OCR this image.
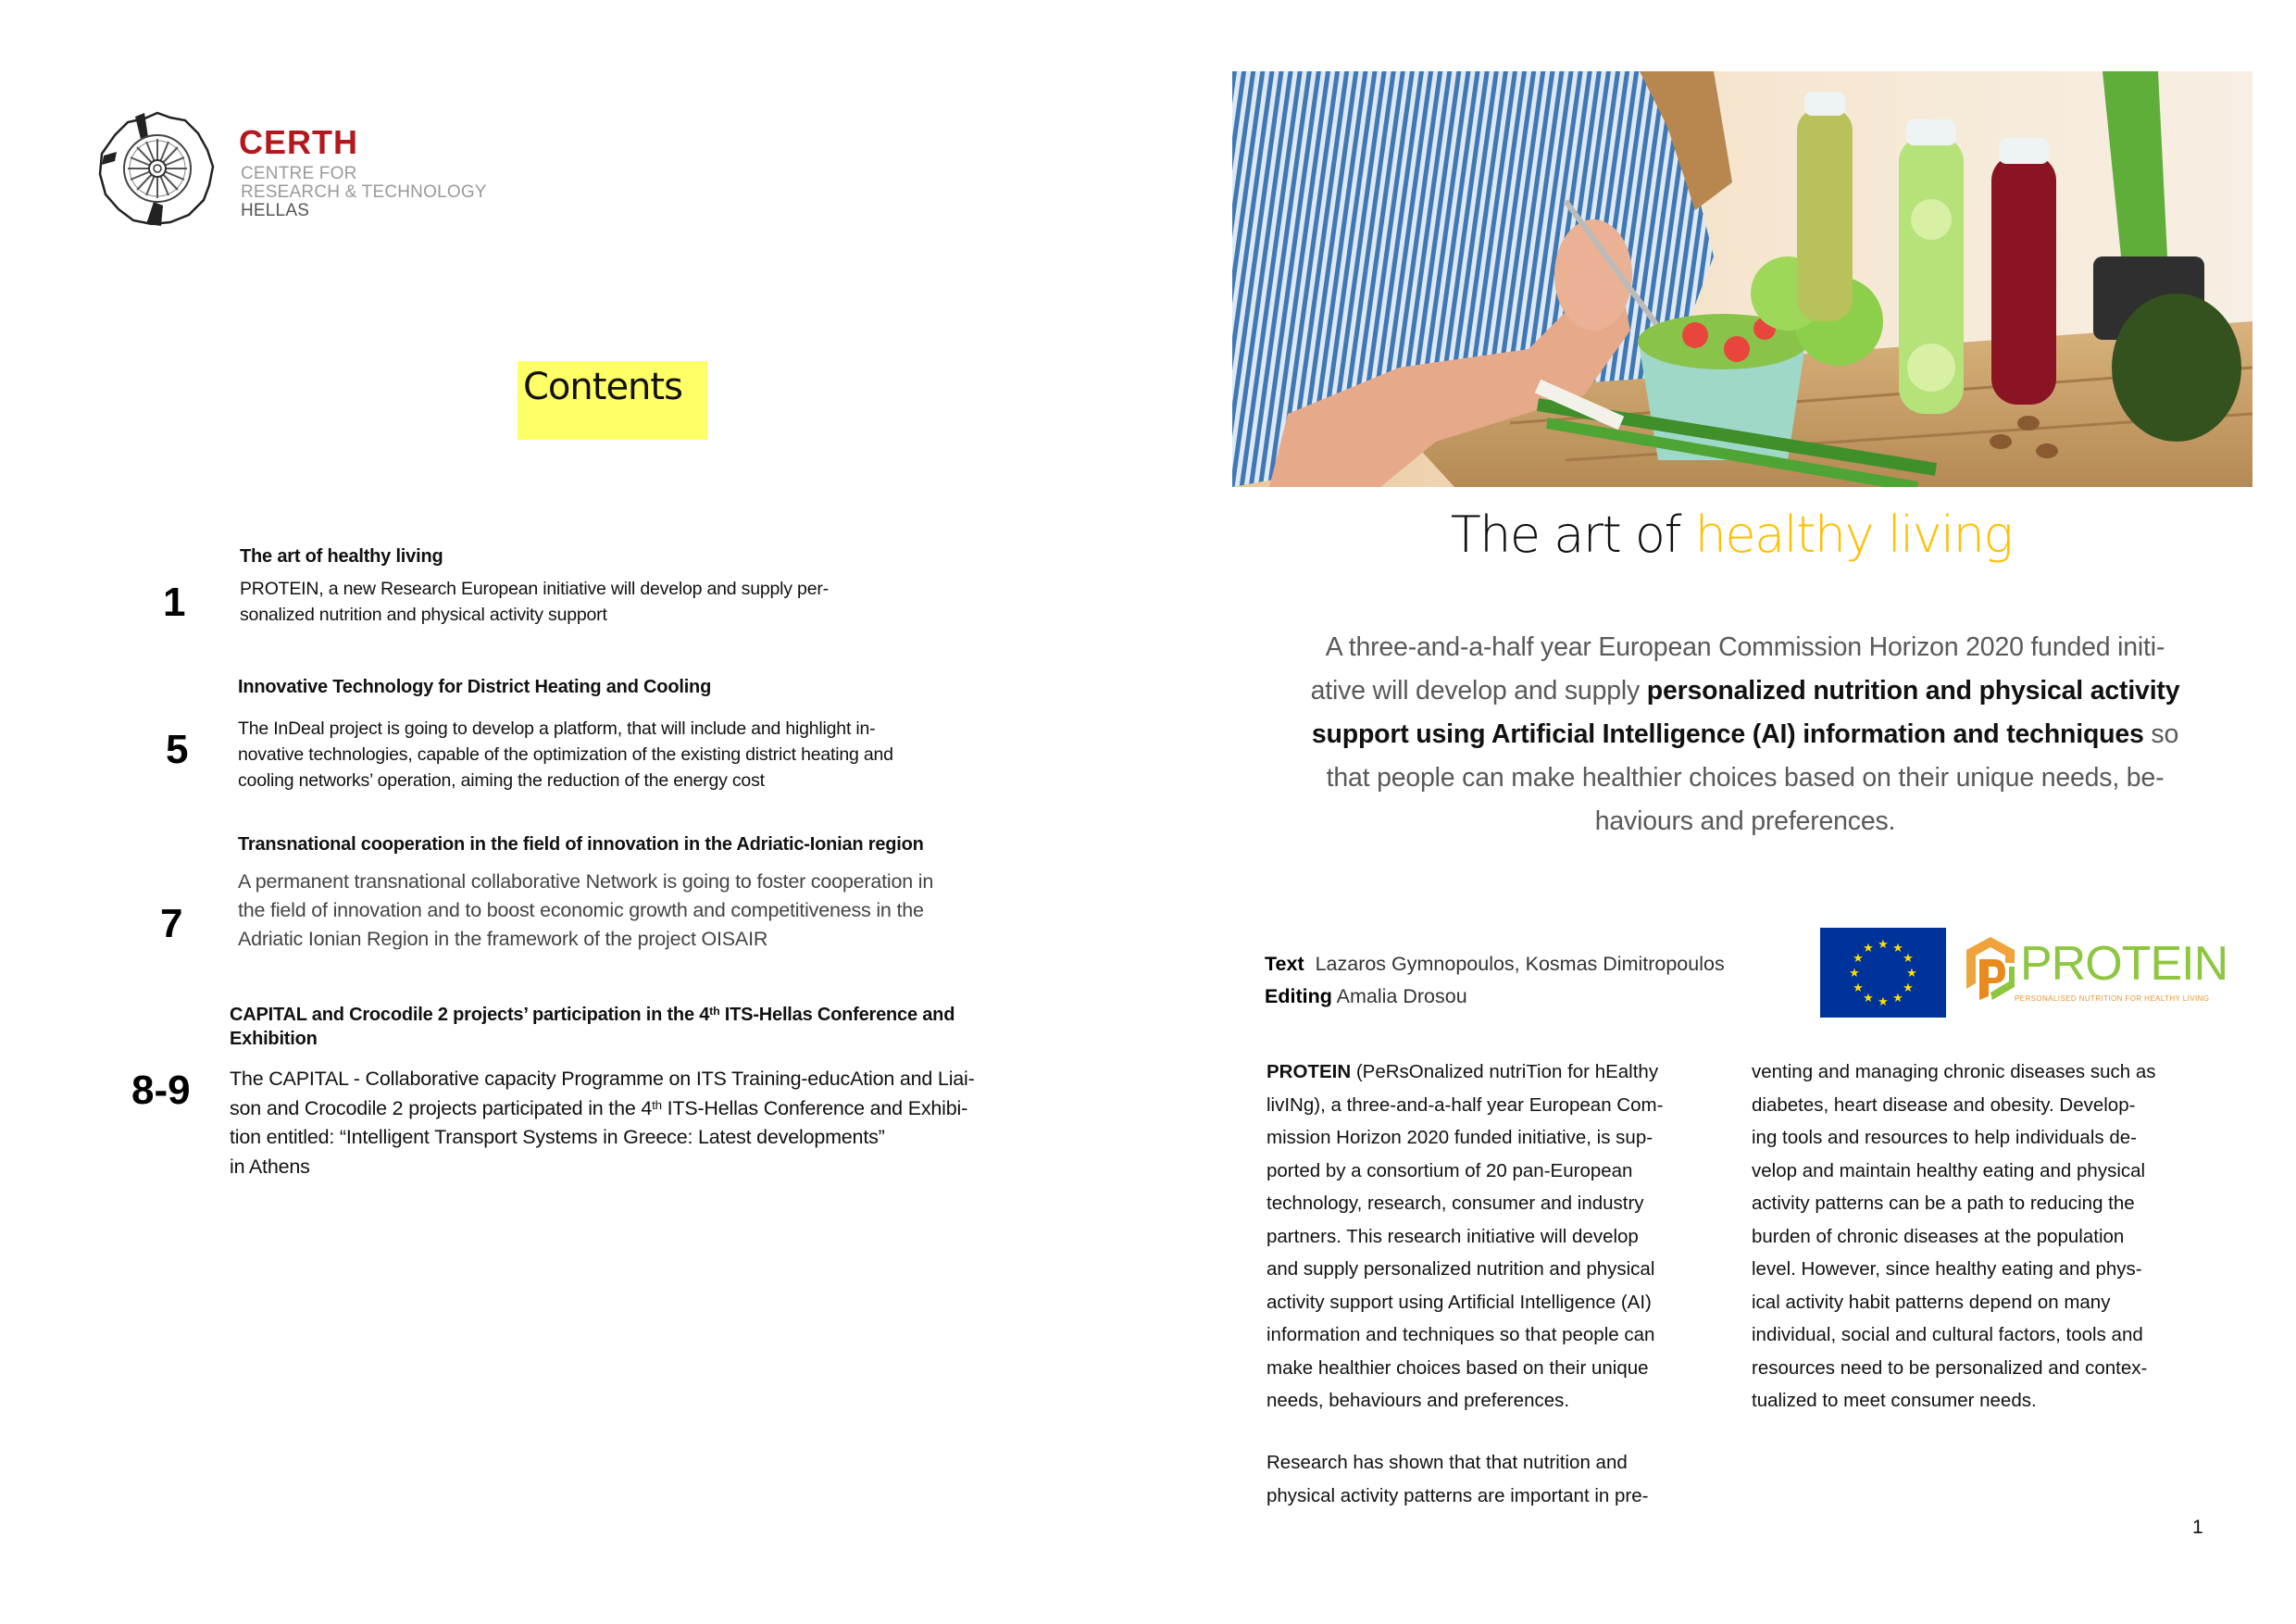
CERTH
CENTRE FOR
RESEARCH & TECHNOLOGY
HELLAS
Contents
The art of healthy living
1	PROTEIN, a new Research European initiative will develop and supply per-
sonalized nutrition and physical activity support
Innovative Technology for District Heating and Cooling
5	The InDeal project is going to develop a platform, that will include and highlight in-
novative technologies, capable of the optimization of the existing district heating and
cooling networks’ operation, aiming the reduction of the energy cost
Transnational cooperation in the field of innovation in the Adriatic-Ionian region
7
A permanent transnational collaborative Network is going to foster cooperation in
the field of innovation and to boost economic growth and competitiveness in the
Adriatic Ionian Region in the framework of the project OISAIR
CAPITAL and Crocodile 2 projects’ participation in the 4th ITS-Hellas Conference and
Exhibition
8-9 The CAPITAL - Collaborative capacity Programme on ITS Training-educAtion and Liai-
son and Crocodile 2 projects participated in the 4th ITS-Hellas Conference and Exhibi-
tion entitled: “Intelligent Transport Systems in Greece: Latest developments”
in Athens
The art of healthy living
A three-and-a-half year European Commission Horizon 2020 funded initi-
ative will develop and supply personalized nutrition and physical activity
support using Artificial Intelligence (AI) information and techniques so
that people can make healthier choices based on their unique needs, be-
haviours and preferences.
Text  Lazaros Gymnopoulos, Kosmas Dimitropoulos
Editing Amalia Drosou
★ ★
★
★
★
★
★
★
★
★
★
★	PROTEIN
PERSONALISED NUTRITION FOR HEALTHY LIVING
PROTEIN (PeRsOnalized nutriTion for hEalthy
livINg), a three-and-a-half year European Com-
mission Horizon 2020 funded initiative, is sup-
ported by a consortium of 20 pan-European
technology, research, consumer and industry
partners. This research initiative will develop
and supply personalized nutrition and physical
activity support using Artificial Intelligence (AI)
information and techniques so that people can
make healthier choices based on their unique
needs, behaviours and preferences.
Research has shown that that nutrition and
physical activity patterns are important in pre-
venting and managing chronic diseases such as
diabetes, heart disease and obesity. Develop-
ing tools and resources to help individuals de-
velop and maintain healthy eating and physical
activity patterns can be a path to reducing the
burden of chronic diseases at the population
level. However, since healthy eating and phys-
ical activity habit patterns depend on many
individual, social and cultural factors, tools and
resources need to be personalized and contex-
tualized to meet consumer needs.
1
